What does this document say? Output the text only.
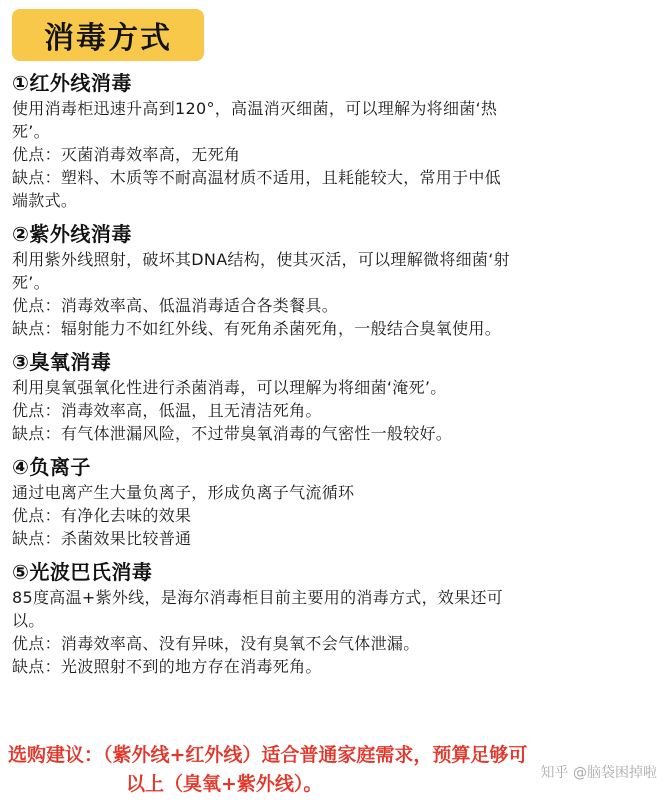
消毒方式
①红外线消毒
使用消毒柜迅速升高到120°，高温消灭细菌，可以理解为将细菌‘热
死’。
优点：灭菌消毒效率高，无死角
缺点：塑料、木质等不耐高温材质不适用，且耗能较大，常用于中低
端款式。
②紫外线消毒
利用紫外线照射，破坏其DNA结构，使其灭活，可以理解微将细菌‘射
死’。
优点：消毒效率高、低温消毒适合各类餐具。
缺点：辐射能力不如红外线、有死角杀菌死角，一般结合臭氧使用。
③臭氧消毒
利用臭氧强氧化性进行杀菌消毒，可以理解为将细菌‘淹死’。
优点：消毒效率高，低温，且无清洁死角。
缺点：有气体泄漏风险，不过带臭氧消毒的气密性一般较好。
④负离子
通过电离产生大量负离子，形成负离子气流循环
优点：有净化去味的效果
缺点：杀菌效果比较普通
⑤光波巴氏消毒
85度高温+紫外线，是海尔消毒柜目前主要用的消毒方式，效果还可
以。
优点：消毒效率高、没有异味，没有臭氧不会气体泄漏。
缺点：光波照射不到的地方存在消毒死角。
选购建议：（紫外线+红外线）适合普通家庭需求，预算足够可
以上（臭氧+紫外线）。	知乎 @脑袋困掉啦
